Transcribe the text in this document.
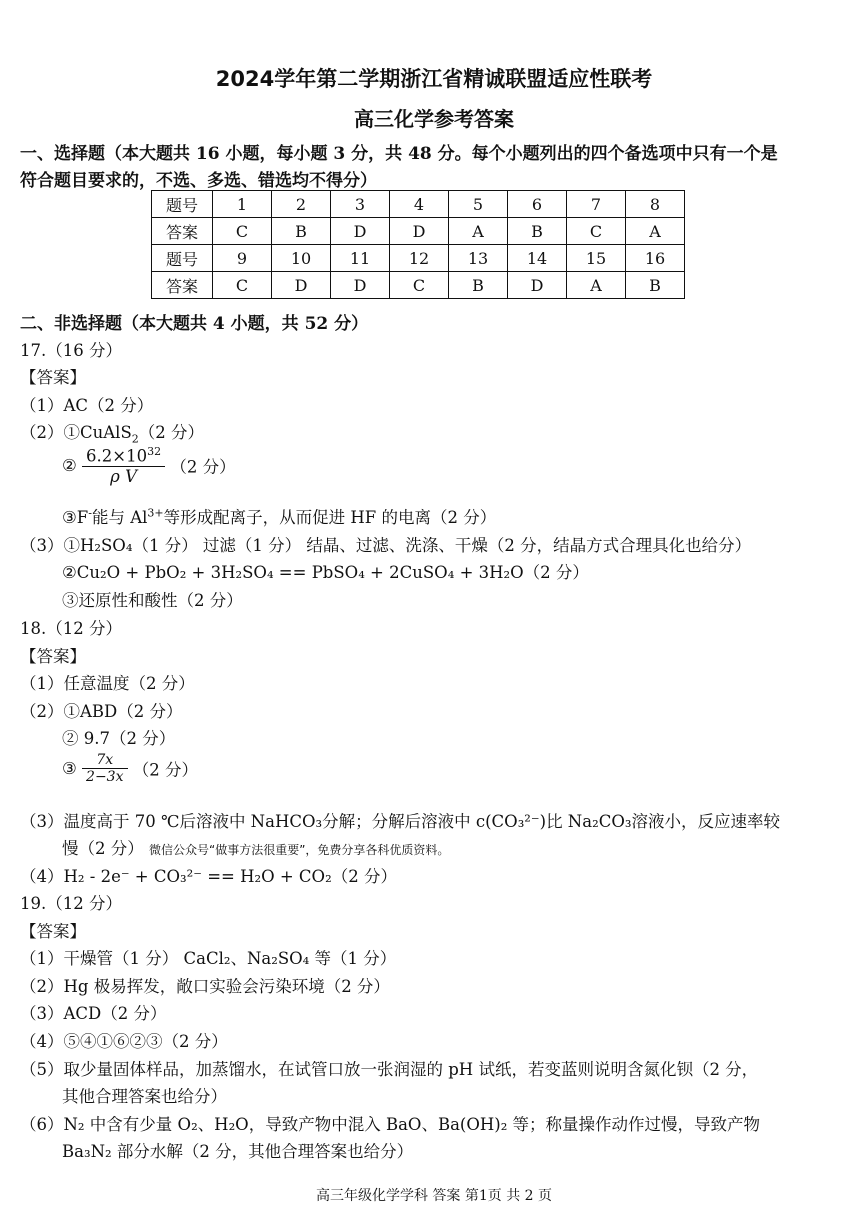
2024学年第二学期浙江省精诚联盟适应性联考
高三化学参考答案
一、选择题（本大题共 16 小题，每小题 3 分，共 48 分。每个小题列出的四个备选项中只有一个是
符合题目要求的，不选、多选、错选均不得分）
题号	1	2	3	4	5	6	7	8
答案	C	B	D	D	A	B	C	A
题号	9	10	11	12	13	14	15	16
答案	C	D	D	C	B	D	A	B
二、非选择题（本大题共 4 小题，共 52 分）
17.（16 分）
【答案】
（1）AC（2 分）
（2）①CuAlS$_2$（2 分）
② $\frac{6.2\times 10^{32}}{\text{ρ V}} (2$ 分）
③F-能与 $Al^{3+}$等形成配离子，从而促进 HF 的电离（2 分）
（3）①H₂SO₄（1 分） 过滤（1 分） 结晶、过滤、洗涤、干燥（2 分，结晶方式合理具化也给分）
②Cu₂O + PbO₂ + 3H₂SO₄ == PbSO₄ + 2CuSO₄ + 3H₂O（2 分）
③还原性和酸性（2 分）
18.（12 分）
【答案】
（1）任意温度（2 分）
（2）①ABD（2 分）
② 9.7（2 分）
③ $\frac{7x}{2-3x} (2$ 分）
（3）温度高于 70 ℃后溶液中 NaHCO₃分解；分解后溶液中 c(CO₃²⁻)比 Na₂CO₃溶液小，反应速率较
慢（2 分） 微信公众号“做事方法很重要”，免费分享各科优质资料。
（4）H₂ - 2e⁻ + CO₃²⁻ == H₂O + CO₂（2 分）
19.（12 分）
【答案】
（1）干燥管（1 分） CaCl₂、Na₂SO₄ 等（1 分）
（2）Hg 极易挥发，敞口实验会污染环境（2 分）
（3）ACD（2 分）
（4）⑤④①⑥②③（2 分）
（5）取少量固体样品，加蒸馏水，在试管口放一张润湿的 pH 试纸，若变蓝则说明含氮化钡（2 分，
其他合理答案也给分）
（6）N₂ 中含有少量 O₂、H₂O，导致产物中混入 BaO、Ba(OH)₂ 等；称量操作动作过慢，导致产物
Ba₃N₂ 部分水解（2 分，其他合理答案也给分）
高三年级化学学科 答案 第1页 共 2 页
